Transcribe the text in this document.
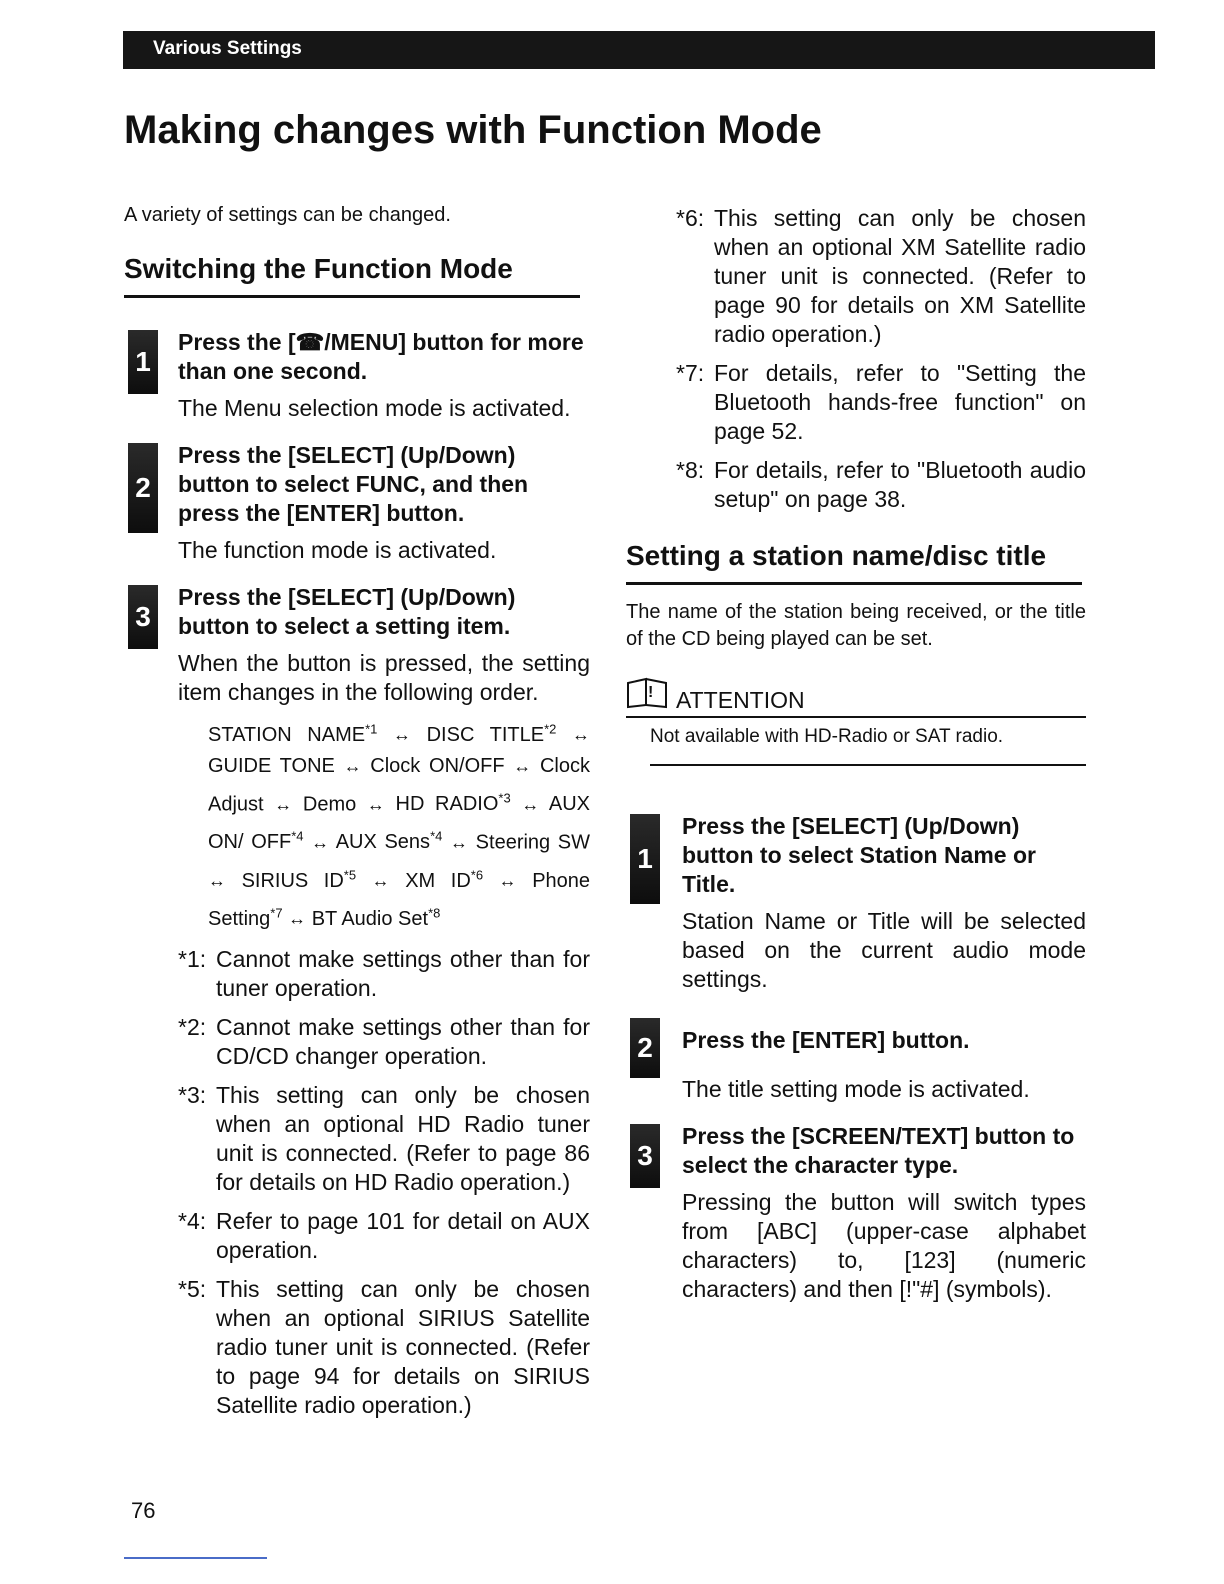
Various Settings
Making changes with Function Mode

A variety of settings can be changed.

Switching the Function Mode
1

Press the [☎/MENU] button for more than one second.

The Menu selection mode is activated.

2

Press the [SELECT] (Up/Down) button to select FUNC, and then press the [ENTER] button.

The function mode is activated.

3

Press the [SELECT] (Up/Down) button to select a setting item.

When the button is pressed, the setting item changes in the following order.

STATION NAME$^{*1}$ ↔ DISC TITLE$^{*2}$ ↔ GUIDE TONE ↔ Clock ON/OFF ↔ Clock Adjust ↔ Demo ↔ HD RADIO$^{*3}$ ↔ AUX ON/ OFF$^{*4}$ ↔ AUX Sens$^{*4}$ ↔ Steering SW ↔ SIRIUS ID$^{*5}$ ↔ XM ID$^{*6}$ ↔ Phone Setting$^{*7}$ ↔ BT Audio Set$^{*8}$

*1: Cannot make settings other than for tuner operation.

*2: Cannot make settings other than for CD/CD changer operation.

*3: This setting can only be chosen when an optional HD Radio tuner unit is connected. (Refer to page 86 for details on HD Radio operation.)

*4: Refer to page 101 for detail on AUX operation.

*5: This setting can only be chosen when an optional SIRIUS Satellite radio tuner unit is connected. (Refer to page 94 for details on SIRIUS Satellite radio operation.)

*6: This setting can only be chosen when an optional XM Satellite radio tuner unit is connected. (Refer to page 90 for details on XM Satellite radio operation.)

*7: For details, refer to "Setting the Bluetooth hands-free function" on page 52.

*8: For details, refer to "Bluetooth audio setup" on page 38.

Setting a station name/disc title

The name of the station being received, or the title of the CD being played can be set.

! ATTENTION

Not available with HD-Radio or SAT radio.

1

Press the [SELECT] (Up/Down) button to select Station Name or Title.

Station Name or Title will be selected based on the current audio mode settings.

2	Press the [ENTER] button.

The title setting mode is activated.

3

Press the [SCREEN/TEXT] button to select the character type.

Pressing the button will switch types from [ABC] (upper-case alphabet characters) to, [123] (numeric characters) and then [!"#] (symbols).

76
